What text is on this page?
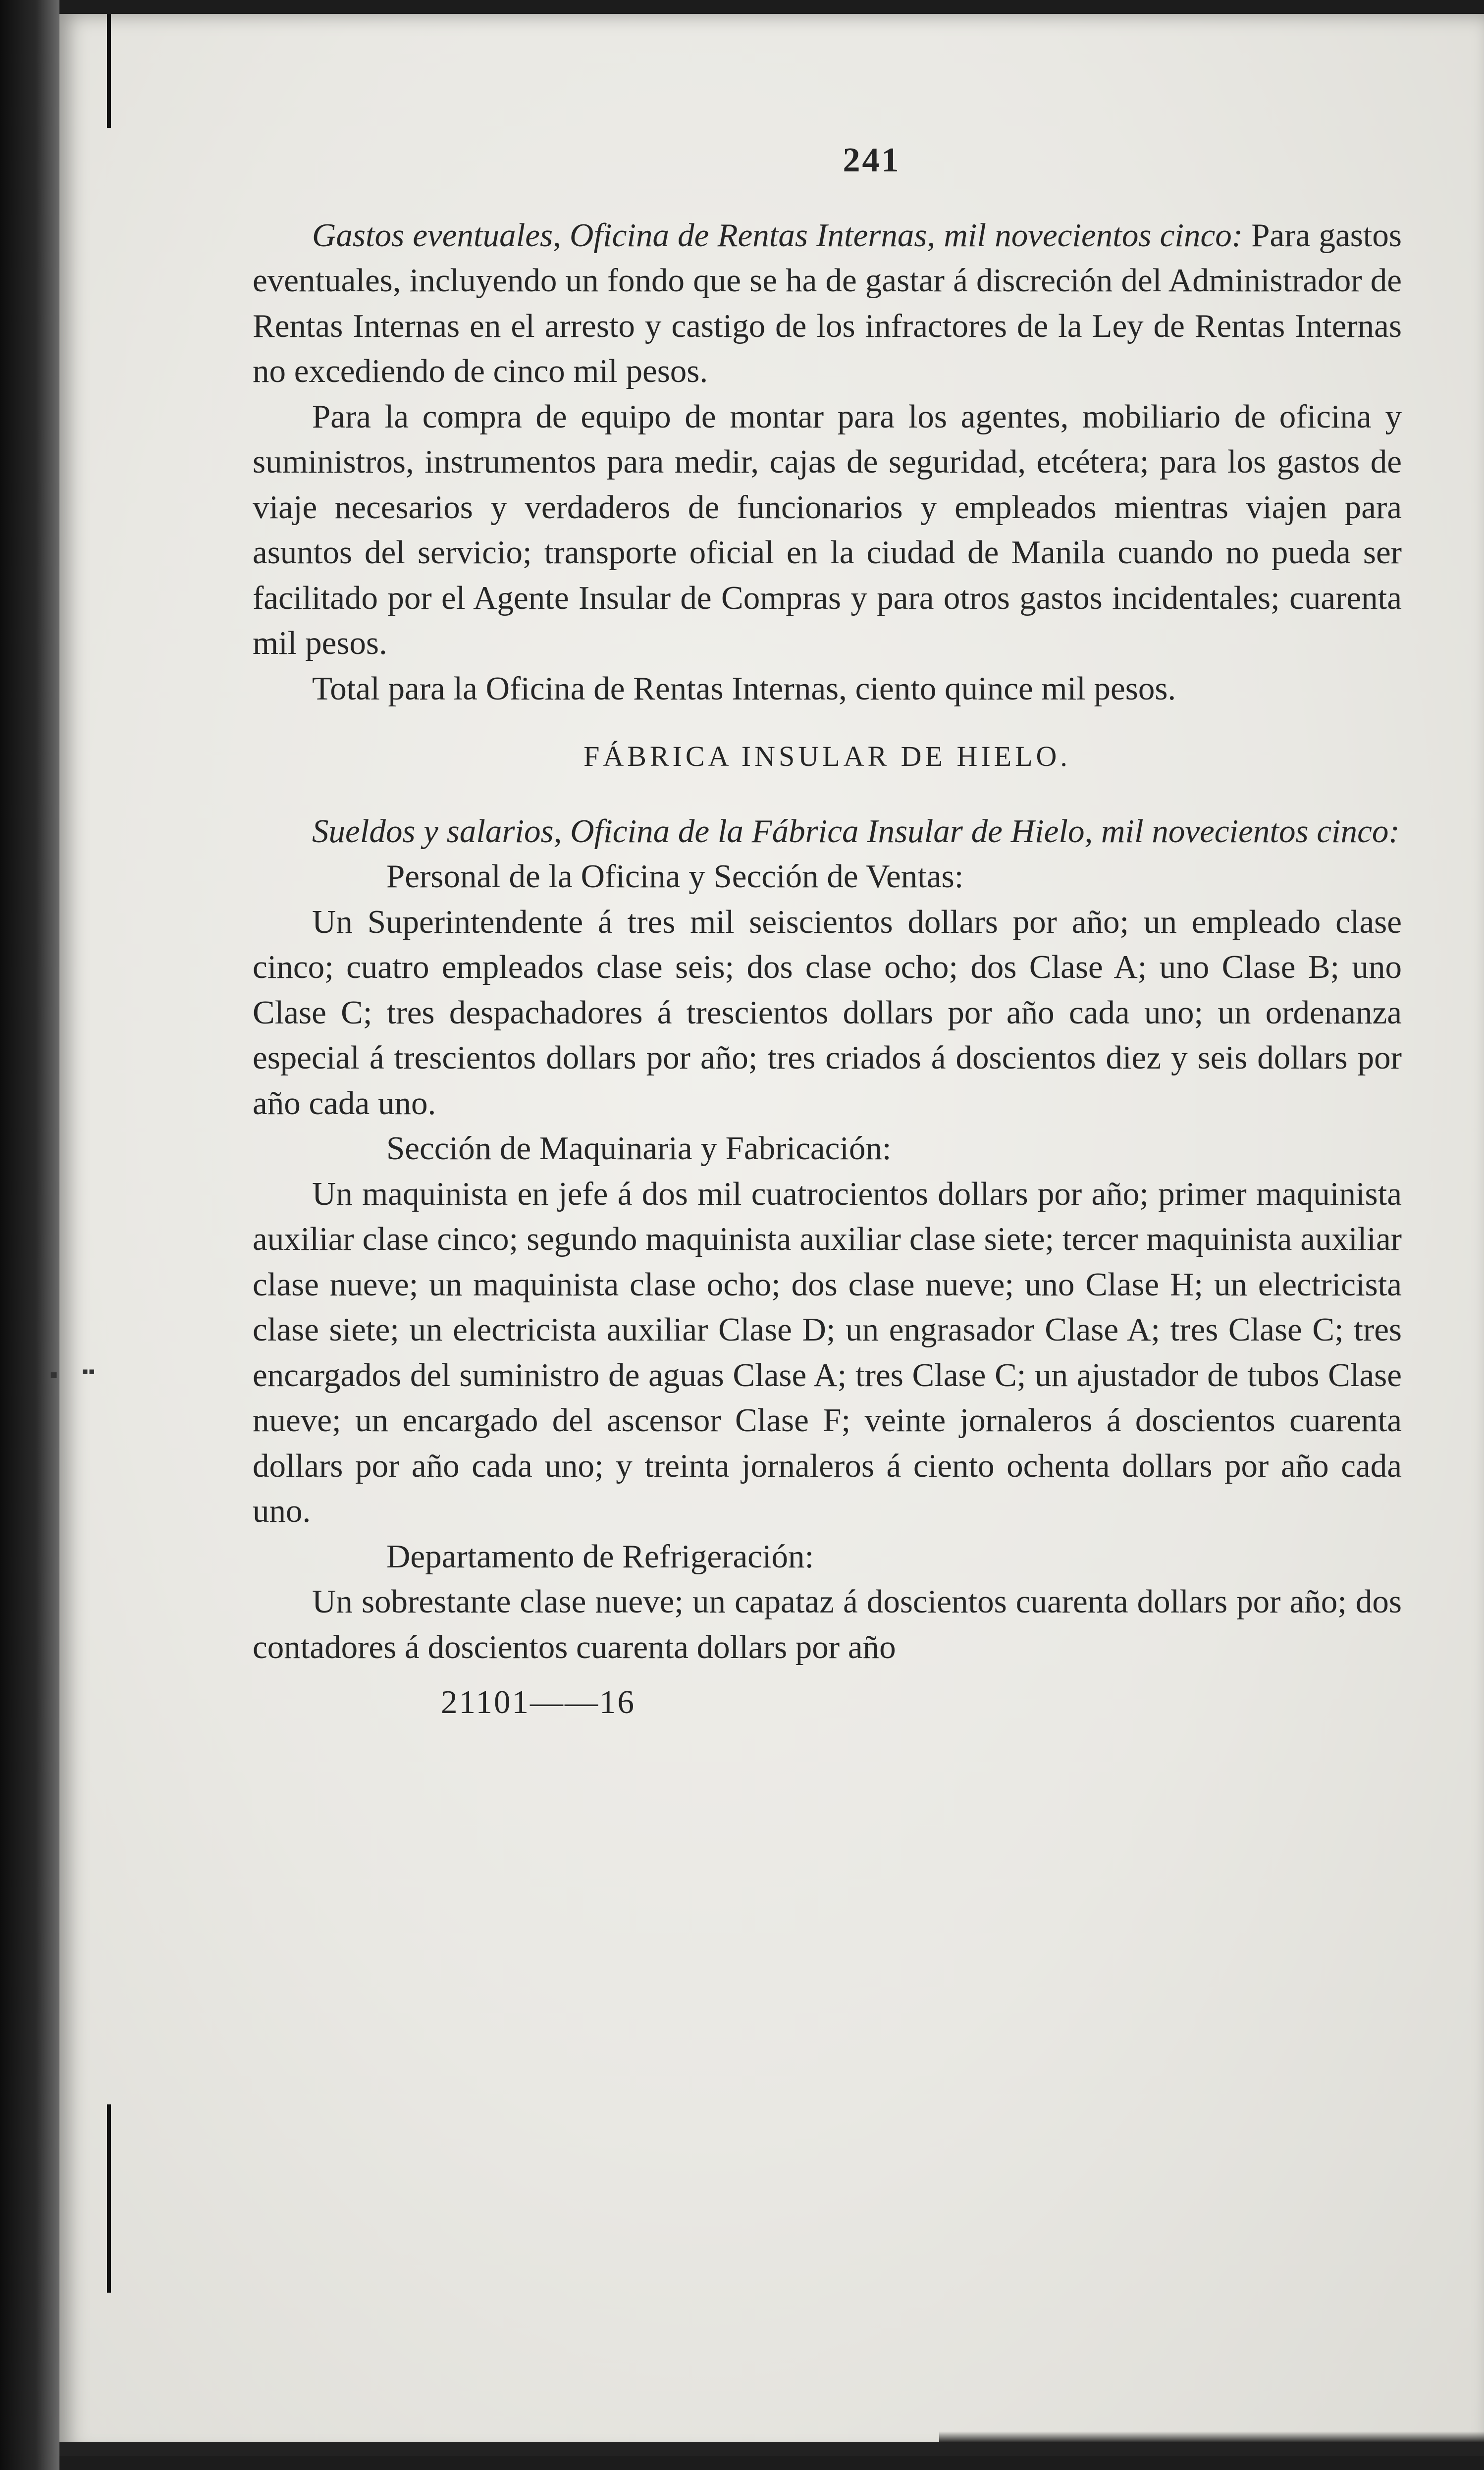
▪ ▪▪
241

Gastos eventuales, Oficina de Rentas Internas, mil novecientos cinco: Para gastos eventuales, incluyendo un fondo que se ha de gastar á discreción del Administrador de Rentas Internas en el arresto y castigo de los infractores de la Ley de Rentas Internas no excediendo de cinco mil pesos.

Para la compra de equipo de montar para los agentes, mobiliario de oficina y suministros, instrumentos para medir, cajas de seguridad, etcétera; para los gastos de viaje necesarios y verdaderos de funcionarios y empleados mientras viajen para asuntos del servicio; transporte oficial en la ciudad de Manila cuando no pueda ser facilitado por el Agente Insular de Compras y para otros gastos incidentales; cuarenta mil pesos.

Total para la Oficina de Rentas Internas, ciento quince mil pesos.

FÁBRICA INSULAR DE HIELO.

Sueldos y salarios, Oficina de la Fábrica Insular de Hielo, mil novecientos cinco:

Personal de la Oficina y Sección de Ventas:

Un Superintendente á tres mil seiscientos dollars por año; un empleado clase cinco; cuatro empleados clase seis; dos clase ocho; dos Clase A; uno Clase B; uno Clase C; tres despachadores á trescientos dollars por año cada uno; un ordenanza especial á trescientos dollars por año; tres criados á doscientos diez y seis dollars por año cada uno.

Sección de Maquinaria y Fabricación:

Un maquinista en jefe á dos mil cuatrocientos dollars por año; primer maquinista auxiliar clase cinco; segundo maquinista auxiliar clase siete; tercer maquinista auxiliar clase nueve; un maquinista clase ocho; dos clase nueve; uno Clase H; un electricista clase siete; un electricista auxiliar Clase D; un engrasador Clase A; tres Clase C; tres encargados del suministro de aguas Clase A; tres Clase C; un ajustador de tubos Clase nueve; un encargado del ascensor Clase F; veinte jornaleros á doscientos cuarenta dollars por año cada uno; y treinta jornaleros á ciento ochenta dollars por año cada uno.

Departamento de Refrigeración:

Un sobrestante clase nueve; un capataz á doscientos cuarenta dollars por año; dos contadores á doscientos cuarenta dollars por año

21101——16
